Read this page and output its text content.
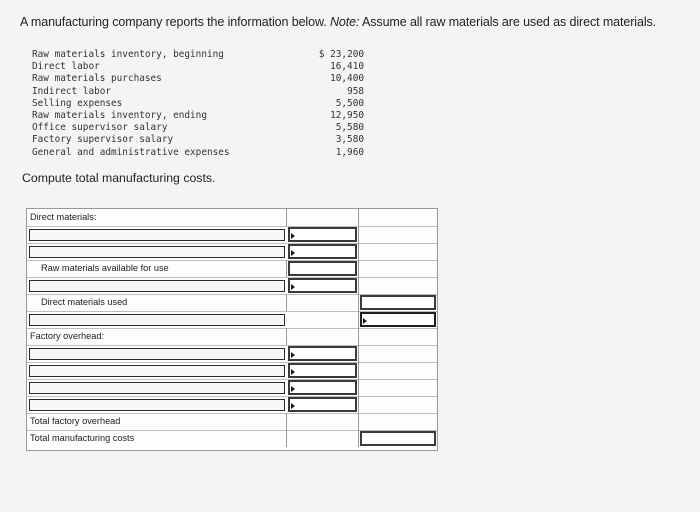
A manufacturing company reports the information below. Note: Assume all raw materials are used as direct materials.
Raw materials inventory, beginning	$ 23,200
Direct labor	16,410
Raw materials purchases	10,400
Indirect labor	958
Selling expenses	5,500
Raw materials inventory, ending	12,950
Office supervisor salary	5,580
Factory supervisor salary	3,580
General and administrative expenses	1,960
Compute total manufacturing costs.
Direct materials:
Raw materials available for use
Direct materials used
Factory overhead:
Total factory overhead
Total manufacturing costs
